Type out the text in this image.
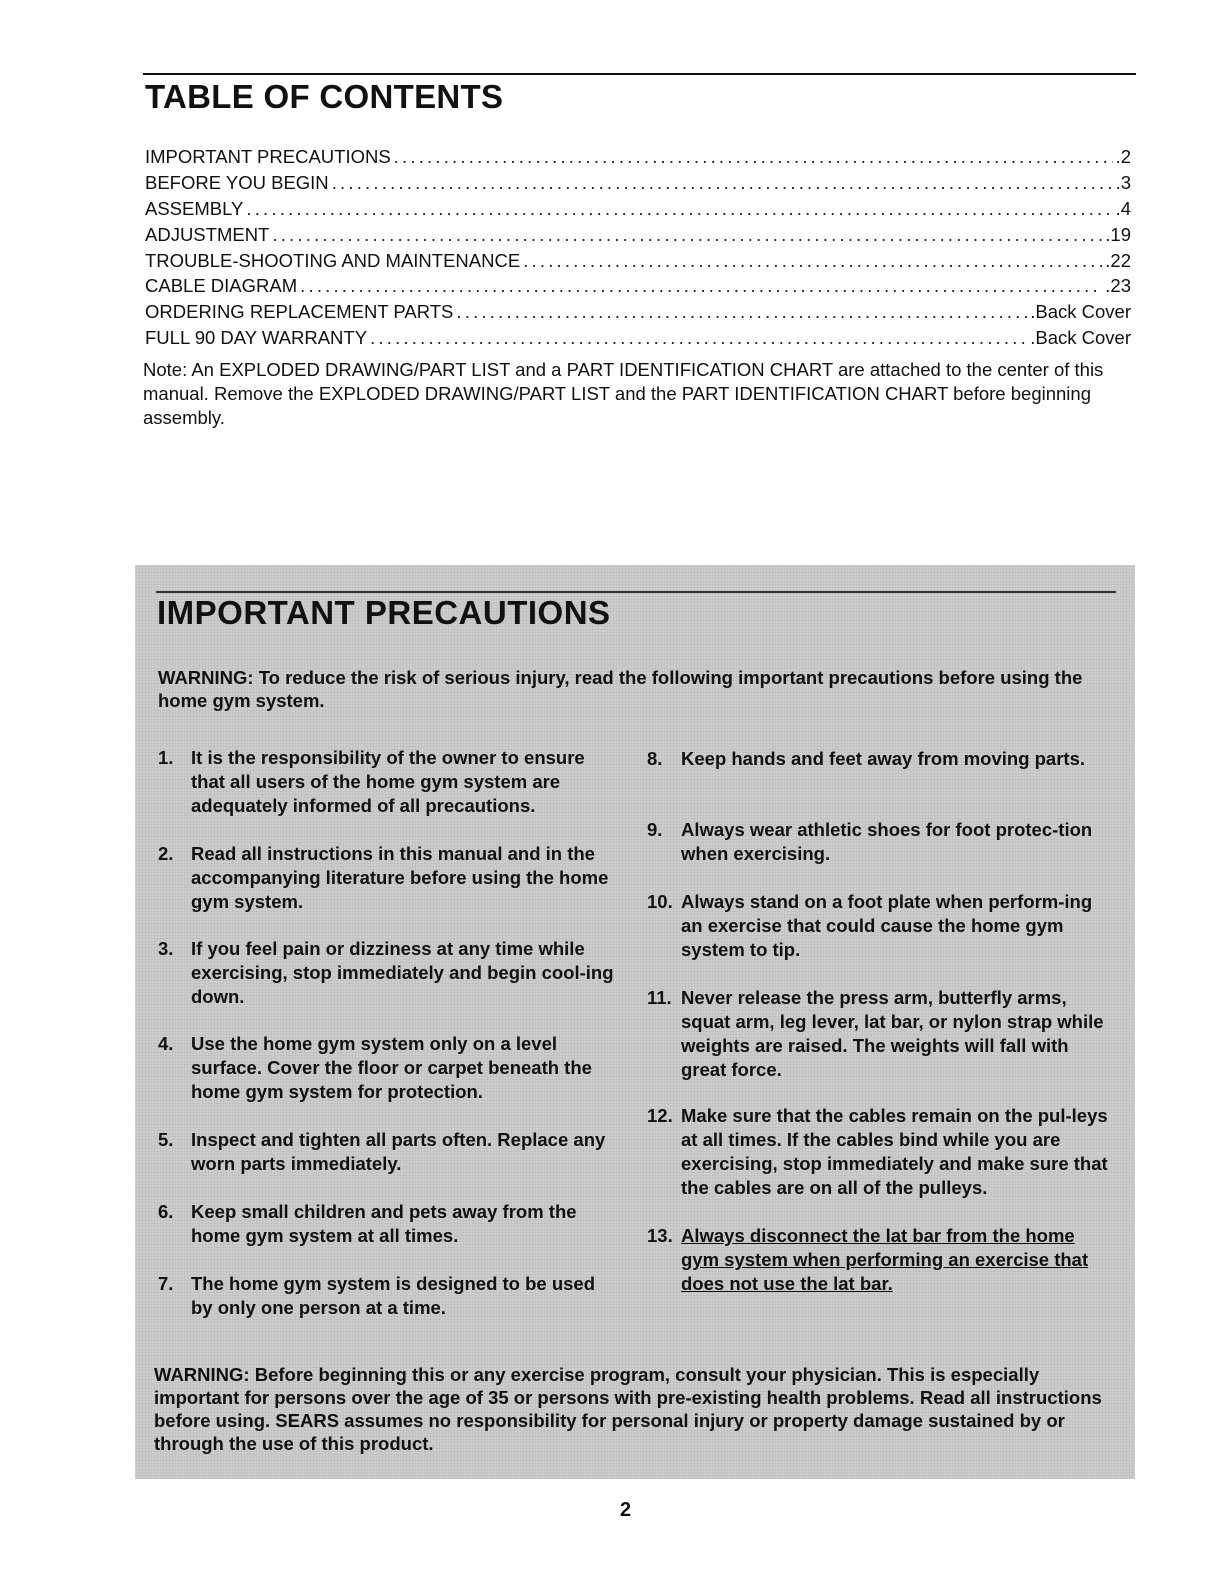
TABLE OF CONTENTS
IMPORTANT PRECAUTIONS .....	.2
BEFORE YOU BEGIN .....	.3
ASSEMBLY .....	.4
ADJUSTMENT .....	.19
TROUBLE-SHOOTING AND MAINTENANCE .....	.22
CABLE DIAGRAM .....	.23
ORDERING REPLACEMENT PARTS .....	.Back Cover
FULL 90 DAY WARRANTY .....	.Back Cover
Note: An EXPLODED DRAWING/PART LIST and a PART IDENTIFICATION CHART are attached to the center of this manual. Remove the EXPLODED DRAWING/PART LIST and the PART IDENTIFICATION CHART before beginning assembly.
IMPORTANT PRECAUTIONS
WARNING: To reduce the risk of serious injury, read the following important precautions before using the home gym system.
1. It is the responsibility of the owner to ensure that all users of the home gym system are adequately informed of all precautions.
2. Read all instructions in this manual and in the accompanying literature before using the home gym system.
3. If you feel pain or dizziness at any time while exercising, stop immediately and begin cool-ing down.
4. Use the home gym system only on a level surface. Cover the floor or carpet beneath the home gym system for protection.
5. Inspect and tighten all parts often. Replace any worn parts immediately.
6. Keep small children and pets away from the home gym system at all times.
7. The home gym system is designed to be used by only one person at a time.
8.	Keep hands and feet away from moving parts.
9.	Always wear athletic shoes for foot protec-tion when exercising.
10. Always stand on a foot plate when perform-ing an exercise that could cause the home gym system to tip.
11. Never release the press arm, butterfly arms, squat arm, leg lever, lat bar, or nylon strap while weights are raised. The weights will fall with great force.
12. Make sure that the cables remain on the pul-leys at all times. If the cables bind while you are exercising, stop immediately and make sure that the cables are on all of the pulleys.
13. Always disconnect the lat bar from the home gym system when performing an exercise that does not use the lat bar.
WARNING: Before beginning this or any exercise program, consult your physician. This is especially important for persons over the age of 35 or persons with pre-existing health problems. Read all instructions before using. SEARS assumes no responsibility for personal injury or property damage sustained by or through the use of this product.
2
